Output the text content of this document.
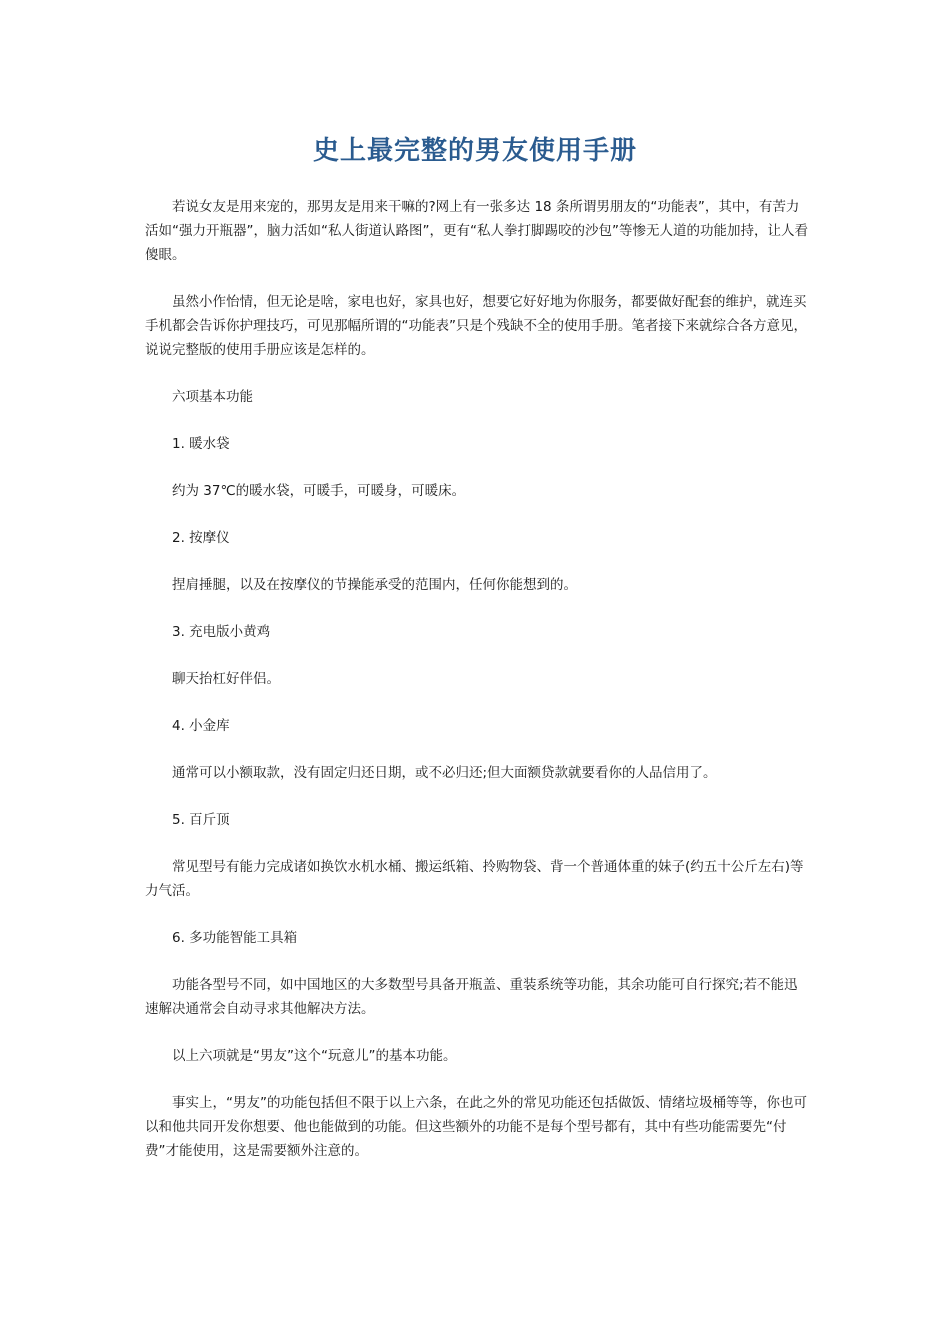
史上最完整的男友使用手册

若说女友是用来宠的，那男友是用来干嘛的?网上有一张多达 18 条所谓男朋友的“功能表”，其中，有苦力活如“强力开瓶器”，脑力活如“私人街道认路图”，更有“私人拳打脚踢咬的沙包”等惨无人道的功能加持，让人看傻眼。

虽然小作怡情，但无论是啥，家电也好，家具也好，想要它好好地为你服务，都要做好配套的维护，就连买手机都会告诉你护理技巧，可见那幅所谓的“功能表”只是个残缺不全的使用手册。笔者接下来就综合各方意见，说说完整版的使用手册应该是怎样的。

六项基本功能

1. 暖水袋

约为 37℃的暖水袋，可暖手，可暖身，可暖床。

2. 按摩仪

捏肩捶腿，以及在按摩仪的节操能承受的范围内，任何你能想到的。

3. 充电版小黄鸡

聊天抬杠好伴侣。

4. 小金库

通常可以小额取款，没有固定归还日期，或不必归还;但大面额贷款就要看你的人品信用了。

5. 百斤顶

常见型号有能力完成诸如换饮水机水桶、搬运纸箱、拎购物袋、背一个普通体重的妹子(约五十公斤左右)等力气活。

6. 多功能智能工具箱

功能各型号不同，如中国地区的大多数型号具备开瓶盖、重装系统等功能，其余功能可自行探究;若不能迅速解决通常会自动寻求其他解决方法。

以上六项就是“男友”这个“玩意儿”的基本功能。

事实上，“男友”的功能包括但不限于以上六条，在此之外的常见功能还包括做饭、情绪垃圾桶等等，你也可以和他共同开发你想要、他也能做到的功能。但这些额外的功能不是每个型号都有，其中有些功能需要先“付费”才能使用，这是需要额外注意的。
